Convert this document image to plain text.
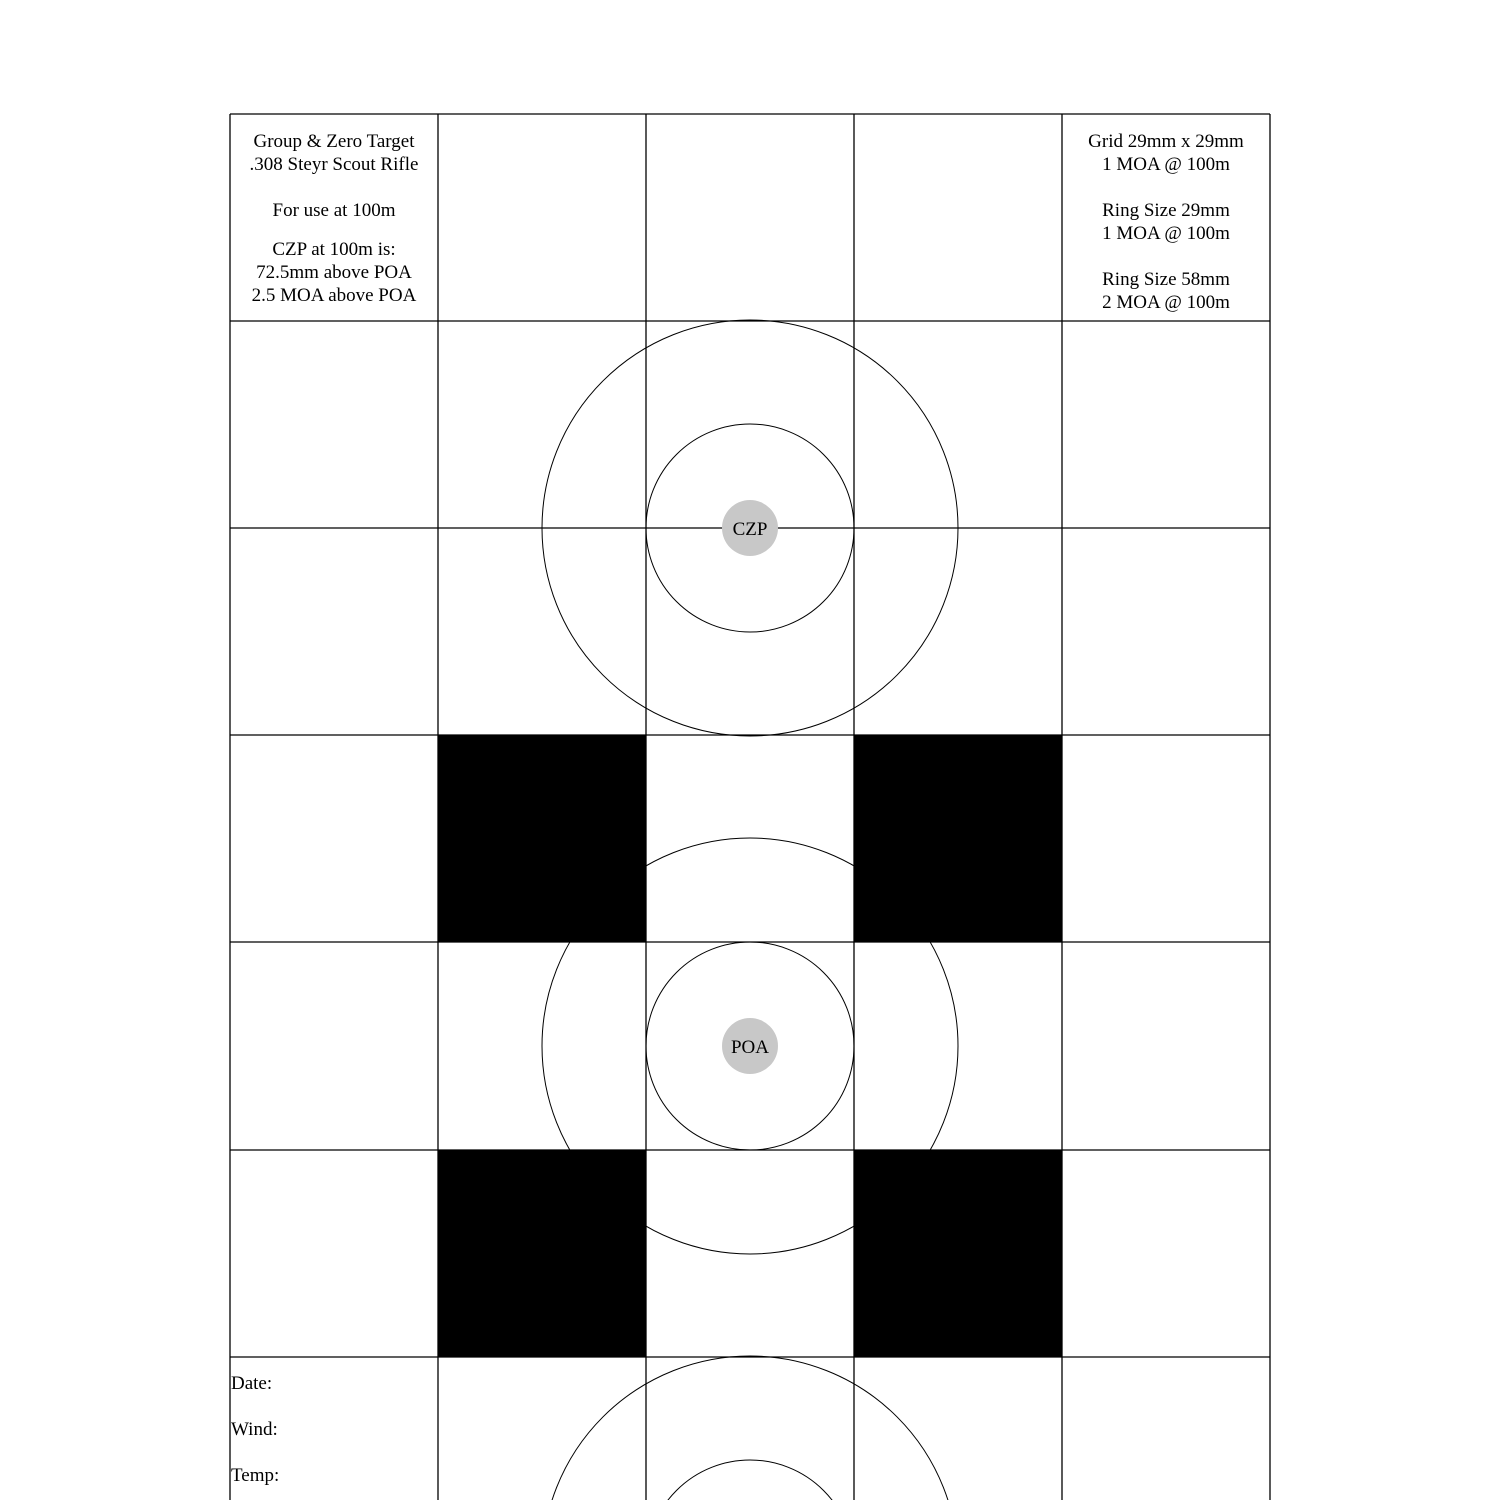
CZP
POA
Group & Zero Target
.308 Steyr Scout Rifle
For use at 100m
CZP at 100m is:
72.5mm above POA
2.5 MOA above POA
Grid 29mm x 29mm
1 MOA @ 100m
Ring Size 29mm
1 MOA @ 100m
Ring Size 58mm
2 MOA @ 100m
Date:
Wind:
Temp:
